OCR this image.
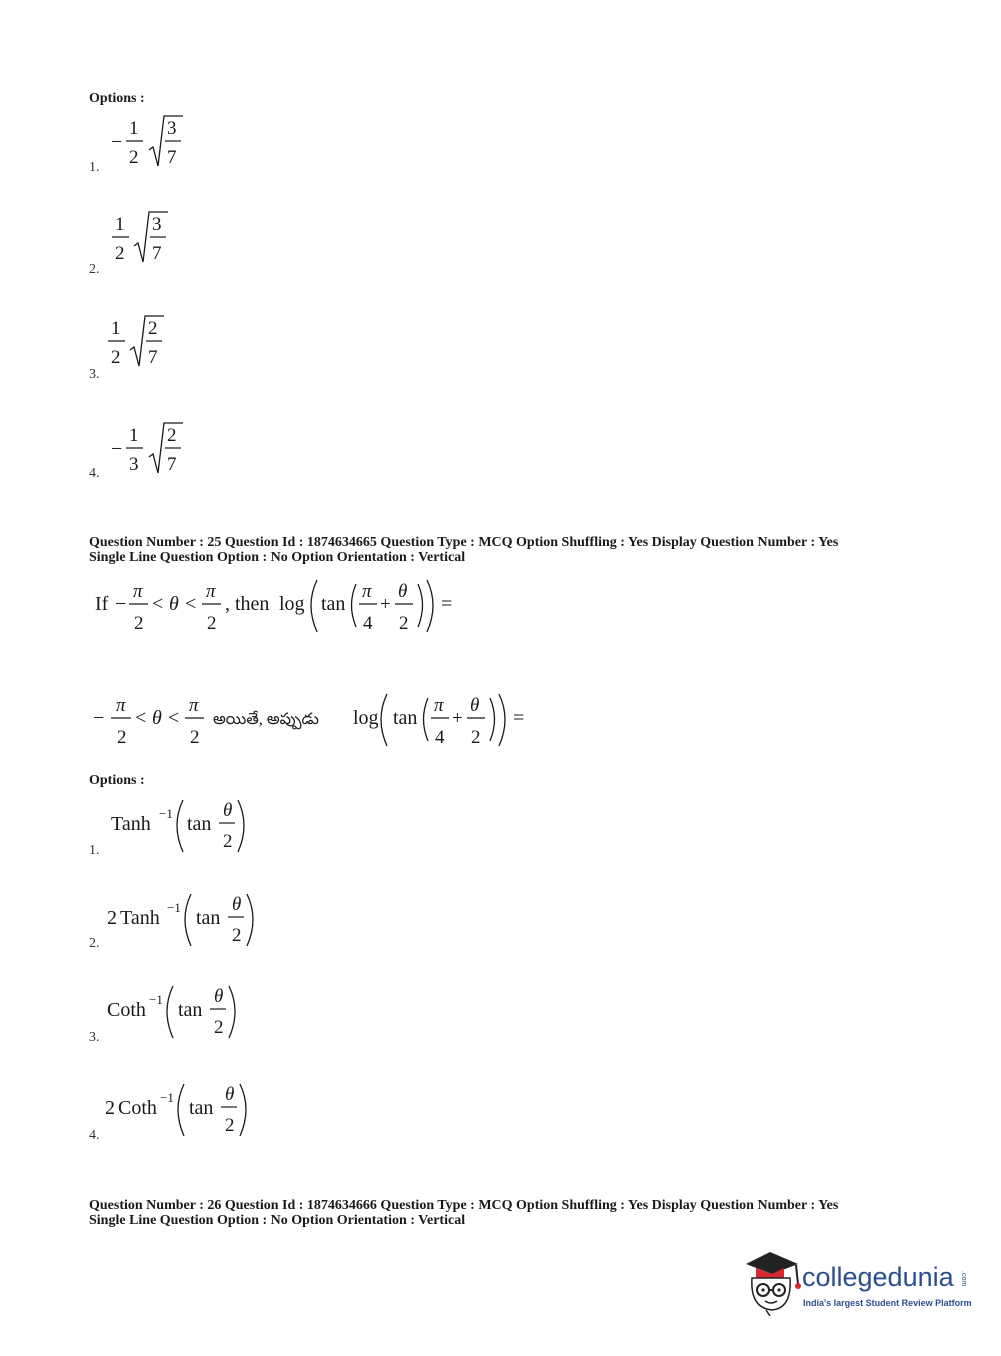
Options :
1.
−
1
2
3
7
2.
1
2
3
7
3.
1
2
2
7
4.
−
1
3
2
7
Question Number : 25 Question Id : 1874634665 Question Type : MCQ Option Shuffling : Yes Display Question Number : Yes
Single Line Question Option : No Option Orientation : Vertical
If −
π
2
< θ <
π
2
, then log tan
π
4
+
θ
2
=
−
π
2
< θ <
π
2
అయితే, అప్పుడు log tan
π
4
+
θ
2
=
Options :
1.
Tanh −1 tan
θ
2
2.
2 Tanh −1 tan
θ
2
3.
Coth −1 tan
θ
2
4.
2 Coth −1 tan
θ
2
Question Number : 26 Question Id : 1874634666 Question Type : MCQ Option Shuffling : Yes Display Question Number : Yes
Single Line Question Option : No Option Orientation : Vertical
collegedunia .com
India's largest Student Review Platform
